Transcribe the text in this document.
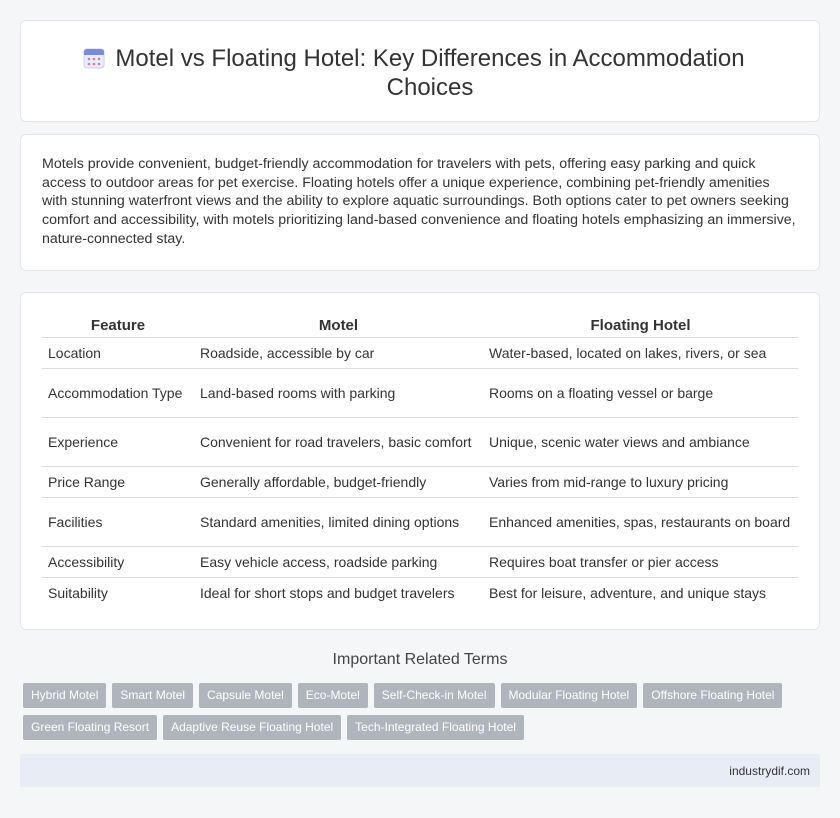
Motel vs Floating Hotel: Key Differences in Accommodation Choices

Motels provide convenient, budget-friendly accommodation for travelers with pets, offering easy parking and quick access to outdoor areas for pet exercise. Floating hotels offer a unique experience, combining pet-friendly amenities with stunning waterfront views and the ability to explore aquatic surroundings. Both options cater to pet owners seeking comfort and accessibility, with motels prioritizing land-based convenience and floating hotels emphasizing an immersive, nature-connected stay.

Feature	Motel	Floating Hotel
Location	Roadside, accessible by car	Water-based, located on lakes, rivers, or sea
Accommodation Type	Land-based rooms with parking	Rooms on a floating vessel or barge
Experience	Convenient for road travelers, basic comfort	Unique, scenic water views and ambiance
Price Range	Generally affordable, budget-friendly	Varies from mid-range to luxury pricing
Facilities	Standard amenities, limited dining options	Enhanced amenities, spas, restaurants on board
Accessibility	Easy vehicle access, roadside parking	Requires boat transfer or pier access
Suitability	Ideal for short stops and budget travelers	Best for leisure, adventure, and unique stays
Important Related Terms
Hybrid Motel	Smart Motel	Capsule Motel	Eco-Motel	Self-Check-in Motel	Modular Floating Hotel	Offshore Floating Hotel
Green Floating Resort	Adaptive Reuse Floating Hotel	Tech-Integrated Floating Hotel
industrydif.com
